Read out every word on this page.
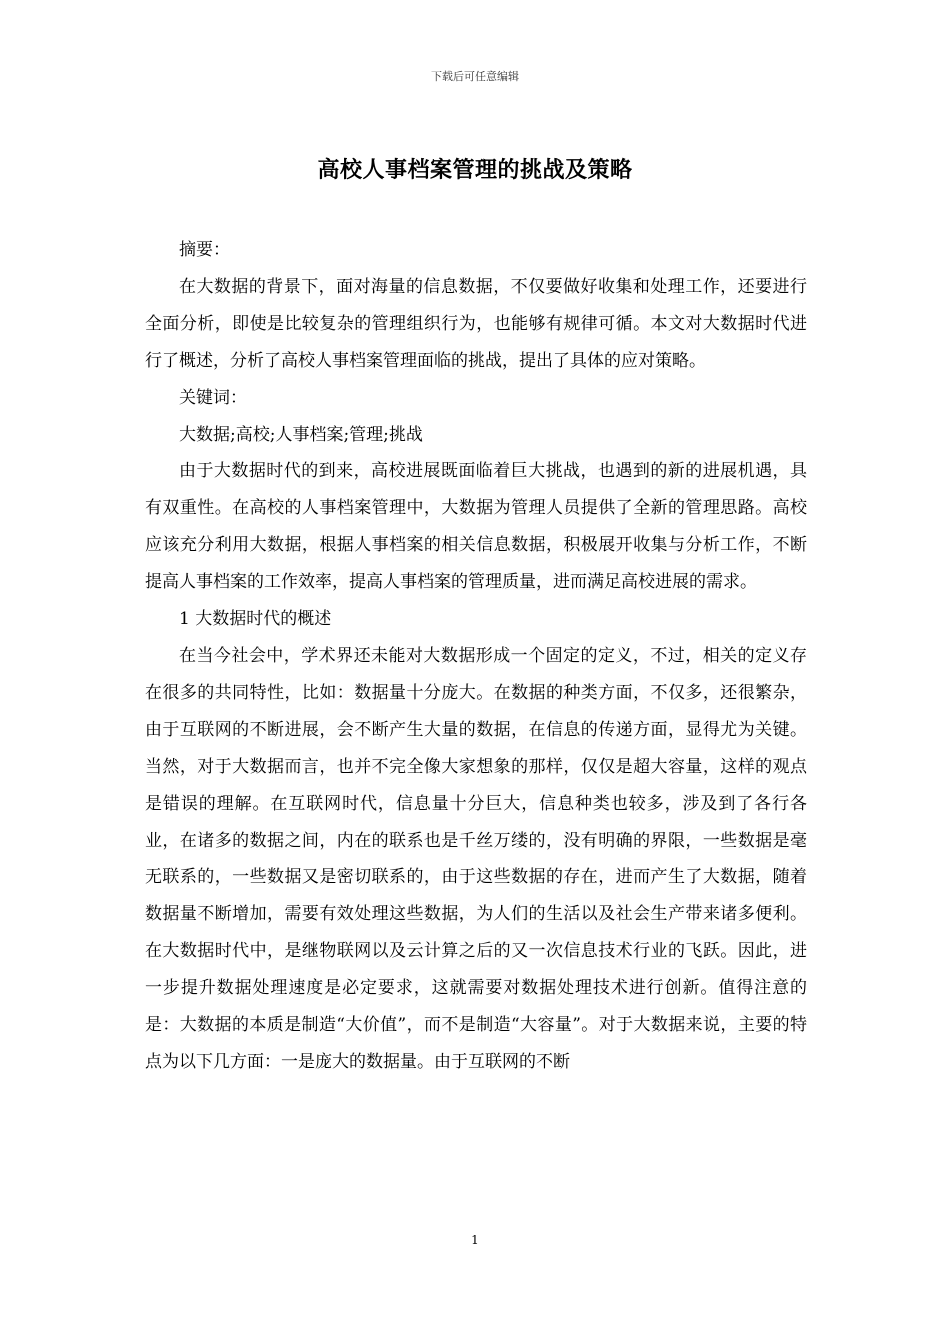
下载后可任意编辑
高校人事档案管理的挑战及策略

摘要：

在大数据的背景下，面对海量的信息数据，不仅要做好收集和处理工作，还要进行全面分析，即使是比较复杂的管理组织行为，也能够有规律可循。本文对大数据时代进行了概述，分析了高校人事档案管理面临的挑战，提出了具体的应对策略。

关键词：

大数据;高校;人事档案;管理;挑战

由于大数据时代的到来，高校进展既面临着巨大挑战，也遇到的新的进展机遇，具有双重性。在高校的人事档案管理中，大数据为管理人员提供了全新的管理思路。高校应该充分利用大数据，根据人事档案的相关信息数据，积极展开收集与分析工作，不断提高人事档案的工作效率，提高人事档案的管理质量，进而满足高校进展的需求。

1 大数据时代的概述

在当今社会中，学术界还未能对大数据形成一个固定的定义，不过，相关的定义存在很多的共同特性，比如：数据量十分庞大。在数据的种类方面，不仅多，还很繁杂，由于互联网的不断进展，会不断产生大量的数据，在信息的传递方面，显得尤为关键。当然，对于大数据而言，也并不完全像大家想象的那样，仅仅是超大容量，这样的观点是错误的理解。在互联网时代，信息量十分巨大，信息种类也较多，涉及到了各行各业，在诸多的数据之间，内在的联系也是千丝万缕的，没有明确的界限，一些数据是毫无联系的，一些数据又是密切联系的，由于这些数据的存在，进而产生了大数据，随着数据量不断增加，需要有效处理这些数据，为人们的生活以及社会生产带来诸多便利。在大数据时代中，是继物联网以及云计算之后的又一次信息技术行业的飞跃。因此，进一步提升数据处理速度是必定要求，这就需要对数据处理技术进行创新。值得注意的是：大数据的本质是制造“大价值”，而不是制造“大容量”。对于大数据来说，主要的特点为以下几方面：一是庞大的数据量。由于互联网的不断

1
